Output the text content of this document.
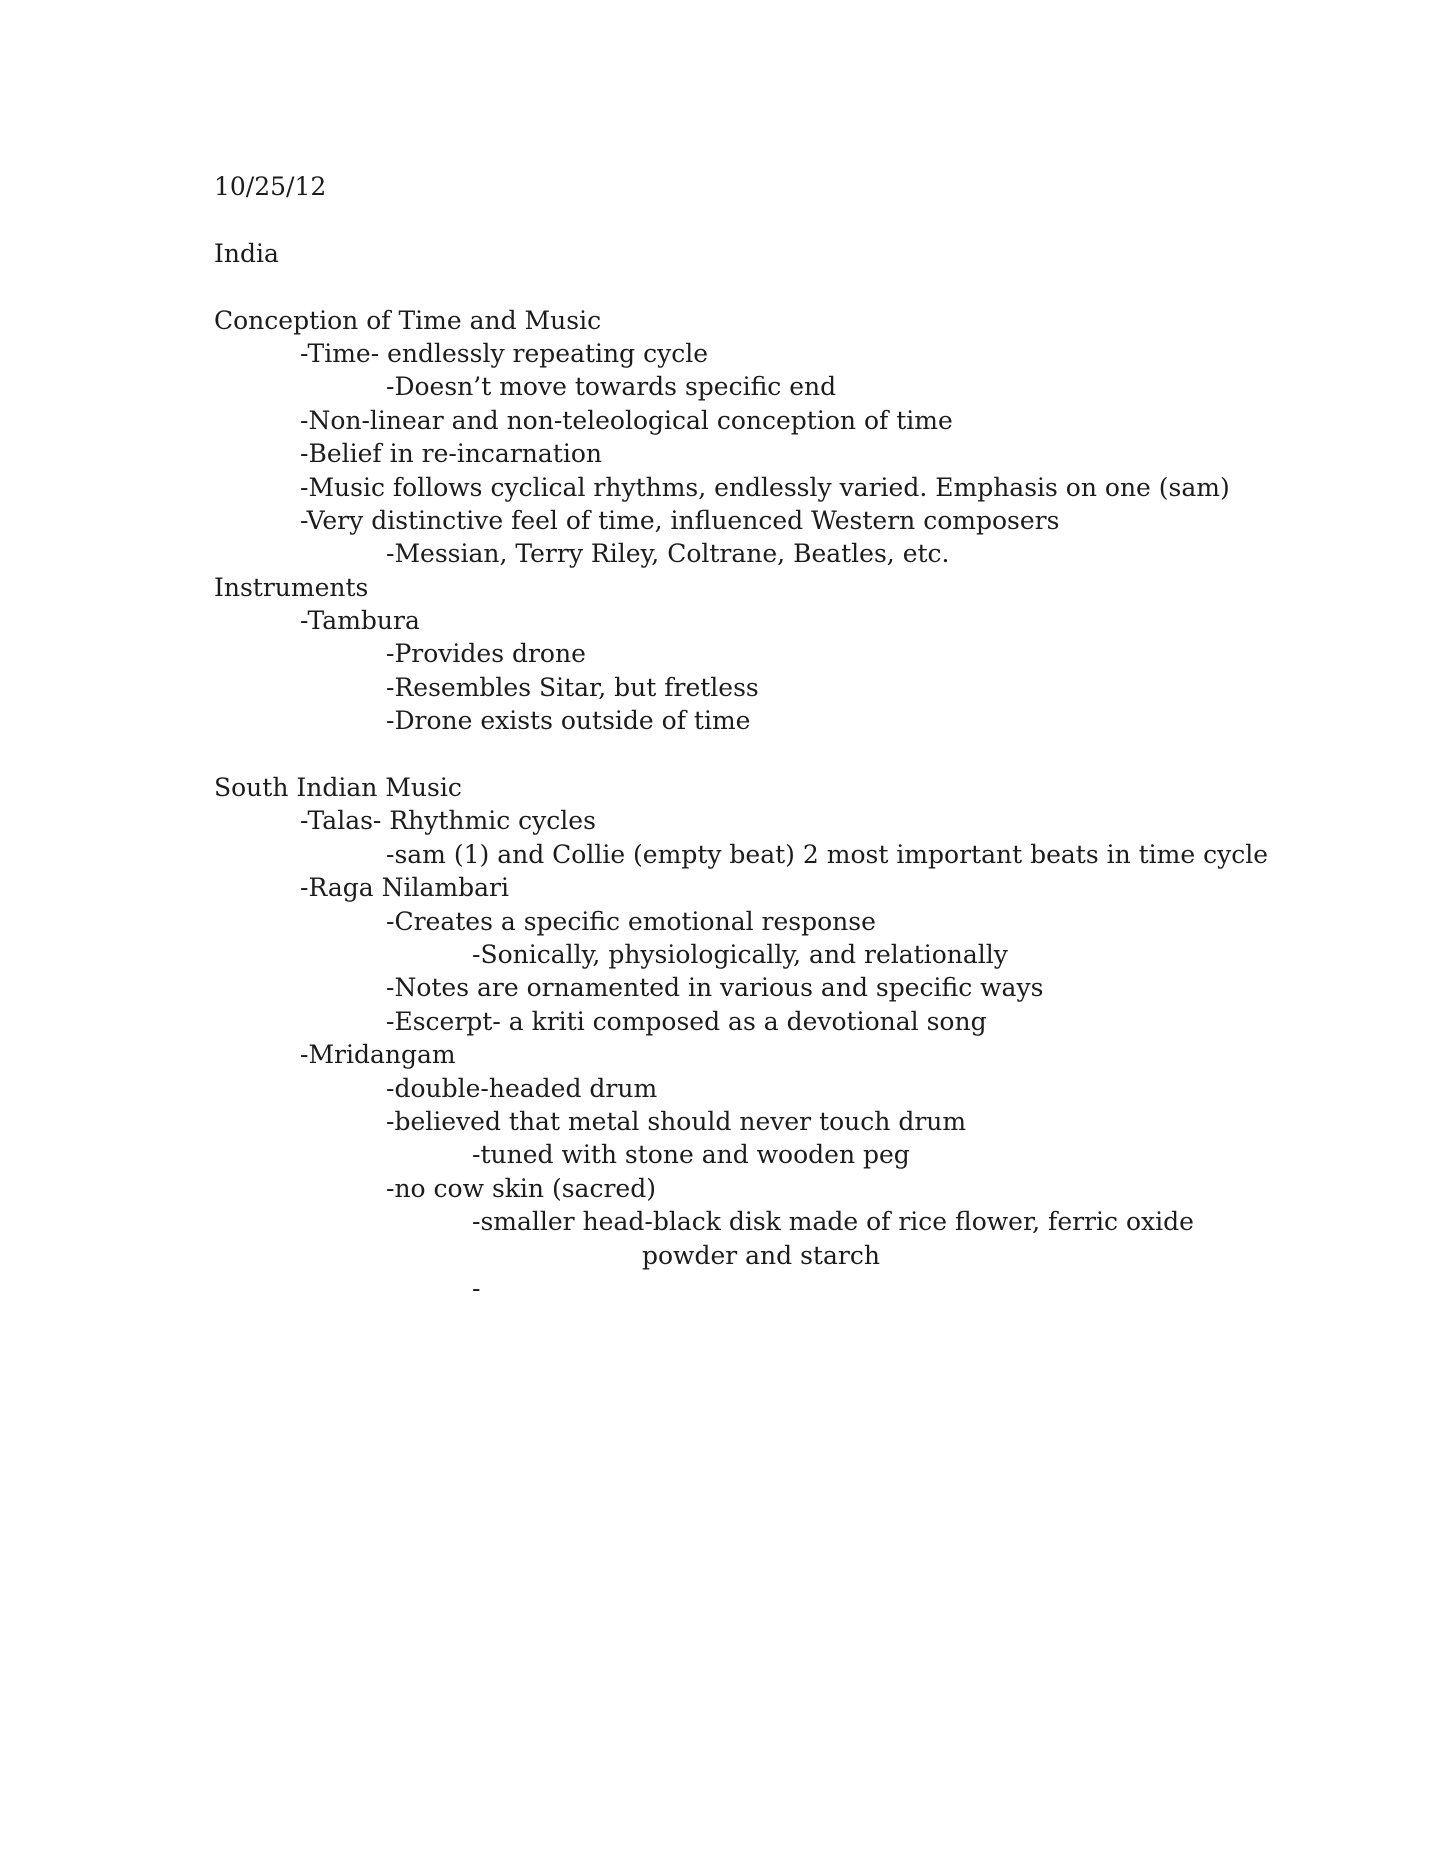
10/25/12
India
Conception of Time and Music
-Time- endlessly repeating cycle
-Doesn’t move towards specific end
-Non-linear and non-teleological conception of time
-Belief in re-incarnation
-Music follows cyclical rhythms, endlessly varied. Emphasis on one (sam)
-Very distinctive feel of time, influenced Western composers
-Messian, Terry Riley, Coltrane, Beatles, etc.
Instruments
-Tambura
-Provides drone
-Resembles Sitar, but fretless
-Drone exists outside of time
South Indian Music
-Talas- Rhythmic cycles
-sam (1) and Collie (empty beat) 2 most important beats in time cycle
-Raga Nilambari
-Creates a specific emotional response
-Sonically, physiologically, and relationally
-Notes are ornamented in various and specific ways
-Escerpt- a kriti composed as a devotional song
-Mridangam
-double-headed drum
-believed that metal should never touch drum
-tuned with stone and wooden peg
-no cow skin (sacred)
-smaller head-black disk made of rice flower, ferric oxide
powder and starch
-
